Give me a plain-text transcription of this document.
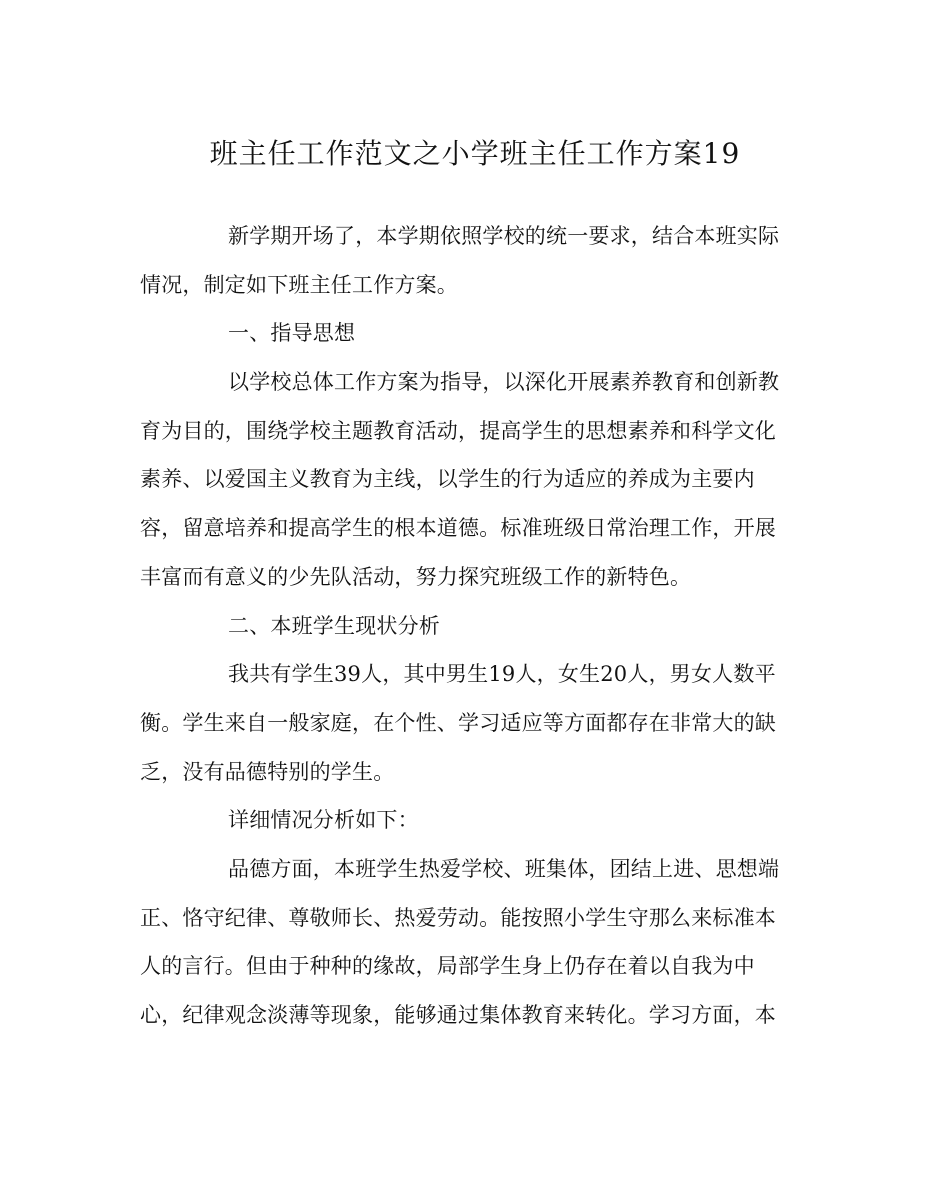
班主任工作范文之小学班主任工作方案19
新学期开场了，本学期依照学校的统一要求，结合本班实际
情况，制定如下班主任工作方案。
一、指导思想
以学校总体工作方案为指导，以深化开展素养教育和创新教
育为目的，围绕学校主题教育活动，提高学生的思想素养和科学文化
素养、以爱国主义教育为主线，以学生的行为适应的养成为主要内
容，留意培养和提高学生的根本道德。标准班级日常治理工作，开展
丰富而有意义的少先队活动，努力探究班级工作的新特色。
二、本班学生现状分析
我共有学生39人，其中男生19人，女生20人，男女人数平
衡。学生来自一般家庭，在个性、学习适应等方面都存在非常大的缺
乏，没有品德特别的学生。
详细情况分析如下：
品德方面，本班学生热爱学校、班集体，团结上进、思想端
正、恪守纪律、尊敬师长、热爱劳动。能按照小学生守那么来标准本
人的言行。但由于种种的缘故，局部学生身上仍存在着以自我为中
心，纪律观念淡薄等现象，能够通过集体教育来转化。学习方面，本
